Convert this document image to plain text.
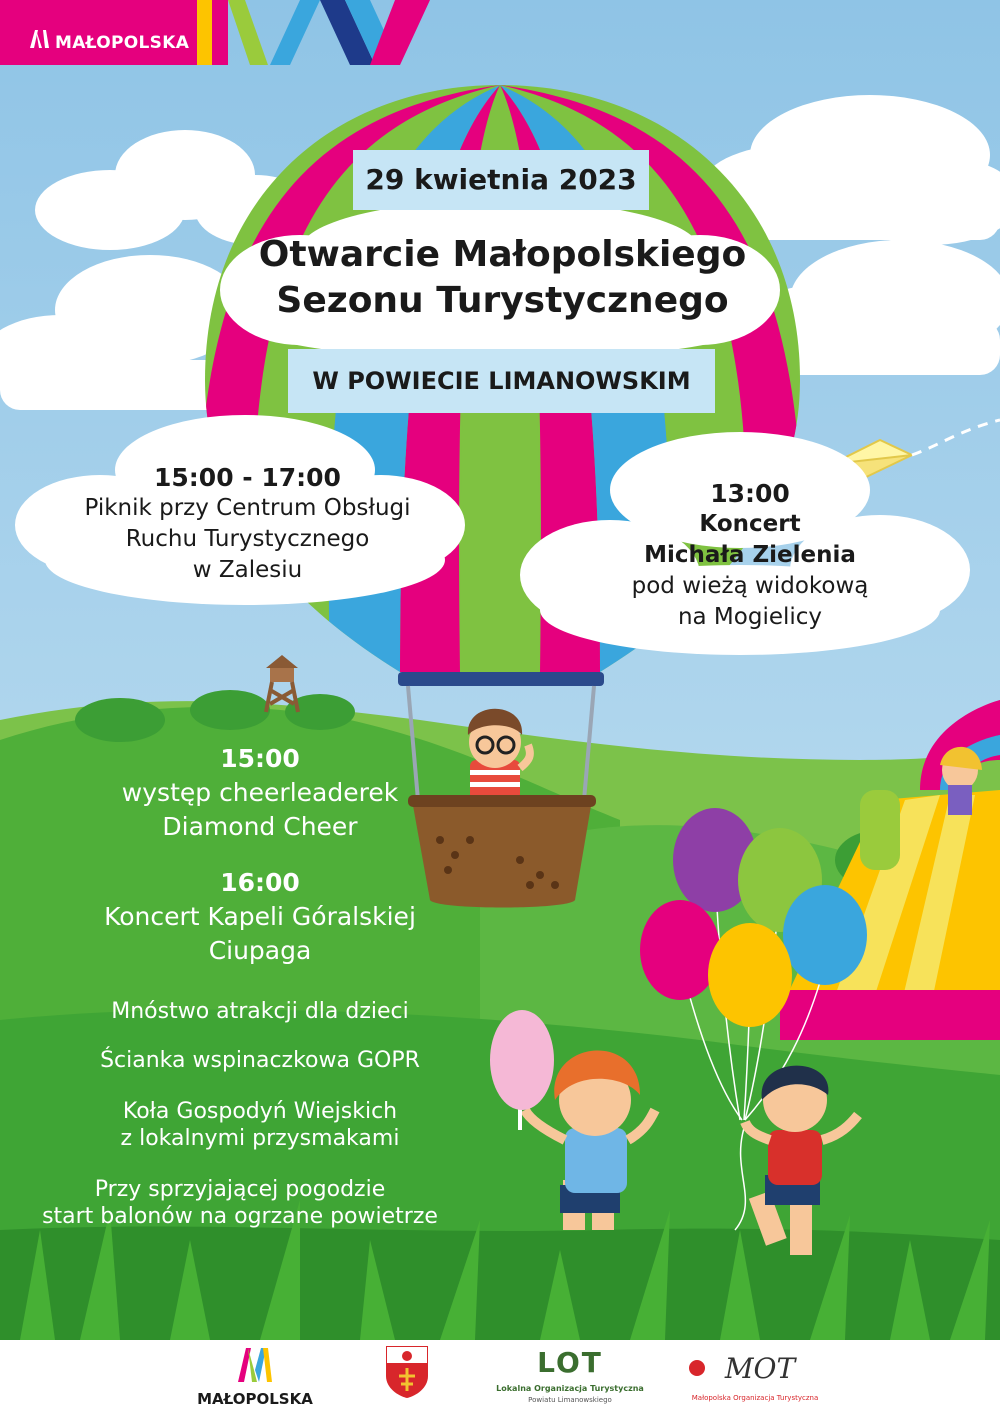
MAŁOPOLSKA
29 kwietnia 2023
Otwarcie Małopolskiego
Sezonu Turystycznego
W POWIECIE LIMANOWSKIM
15:00 - 17:00
Piknik przy Centrum Obsługi
Ruchu Turystycznego
w Zalesiu
13:00
Koncert
Michała Zielenia
pod wieżą widokową
na Mogielicy
15:00
występ cheerleaderek
Diamond Cheer
16:00
Koncert Kapeli Góralskiej
Ciupaga
Mnóstwo atrakcji dla dzieci
Ścianka wspinaczkowa GOPR
Koła Gospodyń Wiejskich
z lokalnymi przysmakami
Przy sprzyjającej pogodzie
start balonów na ogrzane powietrze
MAŁOPOLSKA
LOT
Lokalna Organizacja Turystyczna
Powiatu Limanowskiego
MOT
Małopolska Organizacja Turystyczna
